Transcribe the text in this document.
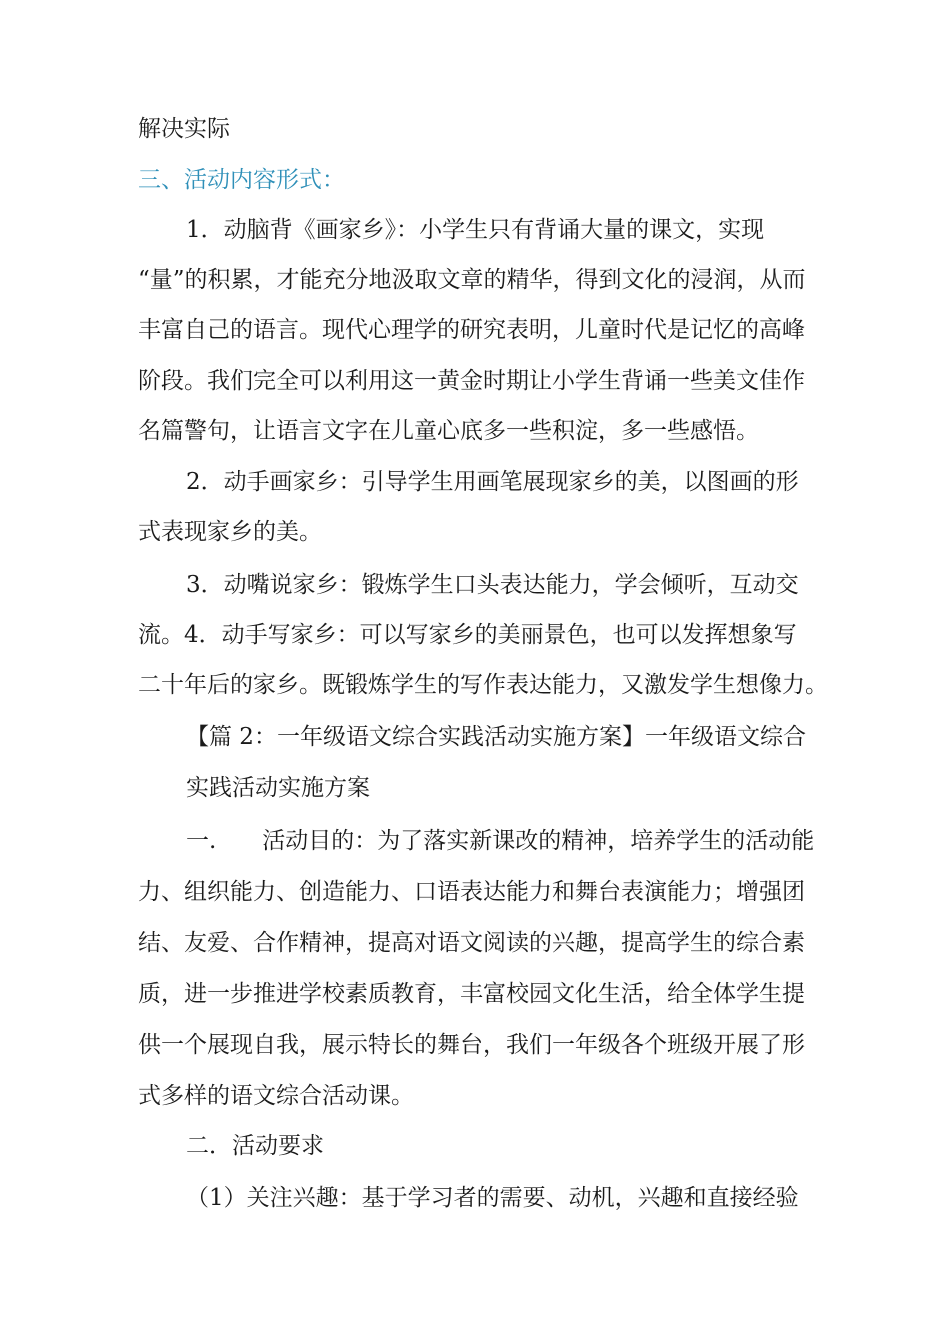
解决实际
三、活动内容形式：
1．动脑背《画家乡》：小学生只有背诵大量的课文，实现
“量”的积累，才能充分地汲取文章的精华，得到文化的浸润，从而
丰富自己的语言。现代心理学的研究表明，儿童时代是记忆的高峰
阶段。我们完全可以利用这一黄金时期让小学生背诵一些美文佳作
名篇警句，让语言文字在儿童心底多一些积淀，多一些感悟。
2．动手画家乡：引导学生用画笔展现家乡的美，以图画的形
式表现家乡的美。
3．动嘴说家乡：锻炼学生口头表达能力，学会倾听，互动交
流。4．动手写家乡：可以写家乡的美丽景色，也可以发挥想象写
二十年后的家乡。既锻炼学生的写作表达能力，又激发学生想像力。
【篇 2：一年级语文综合实践活动实施方案】一年级语文综合
实践活动实施方案
一.　　活动目的：为了落实新课改的精神，培养学生的活动能
力、组织能力、创造能力、口语表达能力和舞台表演能力；增强团
结、友爱、合作精神，提高对语文阅读的兴趣，提高学生的综合素
质，进一步推进学校素质教育，丰富校园文化生活，给全体学生提
供一个展现自我，展示特长的舞台，我们一年级各个班级开展了形
式多样的语文综合活动课。
二．活动要求
（1）关注兴趣：基于学习者的需要、动机，兴趣和直接经验
